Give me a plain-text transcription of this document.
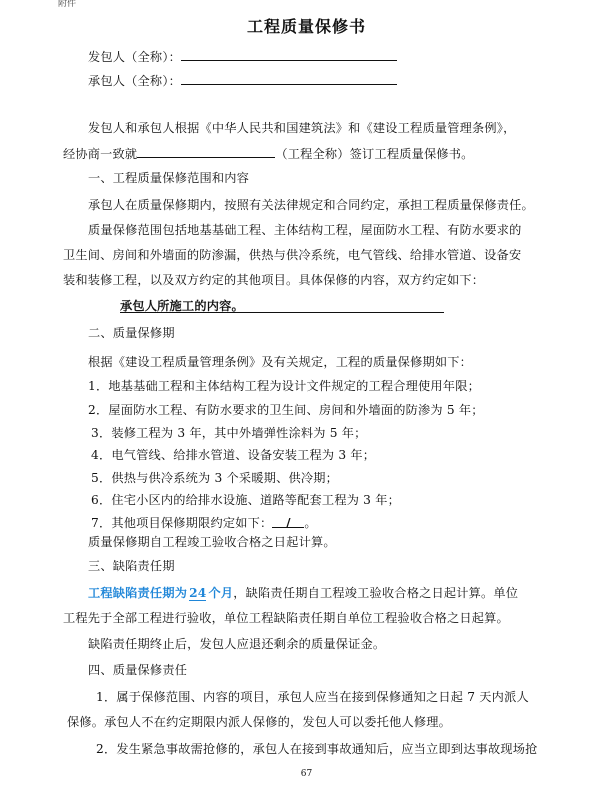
附件
工程质量保修书
发包人（全称）：
承包人（全称）：
发包人和承包人根据《中华人民共和国建筑法》和《建设工程质量管理条例》，
经协商一致就	（工程全称）签订工程质量保修书。
一、工程质量保修范围和内容
承包人在质量保修期内，按照有关法律规定和合同约定，承担工程质量保修责任。
质量保修范围包括地基基础工程、主体结构工程，屋面防水工程、有防水要求的
卫生间、房间和外墙面的防渗漏，供热与供冷系统，电气管线、给排水管道、设备安
装和装修工程，以及双方约定的其他项目。具体保修的内容，双方约定如下：
承包人所施工的内容。
二、质量保修期
根据《建设工程质量管理条例》及有关规定，工程的质量保修期如下：
1．地基基础工程和主体结构工程为设计文件规定的工程合理使用年限；
2．屋面防水工程、有防水要求的卫生间、房间和外墙面的防渗为 5 年；
3．装修工程为 3 年，其中外墙弹性涂料为 5 年；
4．电气管线、给排水管道、设备安装工程为 3 年；
5．供热与供冷系统为 3 个采暖期、供冷期；
6．住宅小区内的给排水设施、道路等配套工程为 3 年；
7．其他项目保修期限约定如下： / 。
质量保修期自工程竣工验收合格之日起计算。
三、缺陷责任期
工程缺陷责任期为 24 个月，缺陷责任期自工程竣工验收合格之日起计算。单位
工程先于全部工程进行验收，单位工程缺陷责任期自单位工程验收合格之日起算。
缺陷责任期终止后，发包人应退还剩余的质量保证金。
四、质量保修责任
1．属于保修范围、内容的项目，承包人应当在接到保修通知之日起 7 天内派人
保修。承包人不在约定期限内派人保修的，发包人可以委托他人修理。
2．发生紧急事故需抢修的，承包人在接到事故通知后，应当立即到达事故现场抢
67
